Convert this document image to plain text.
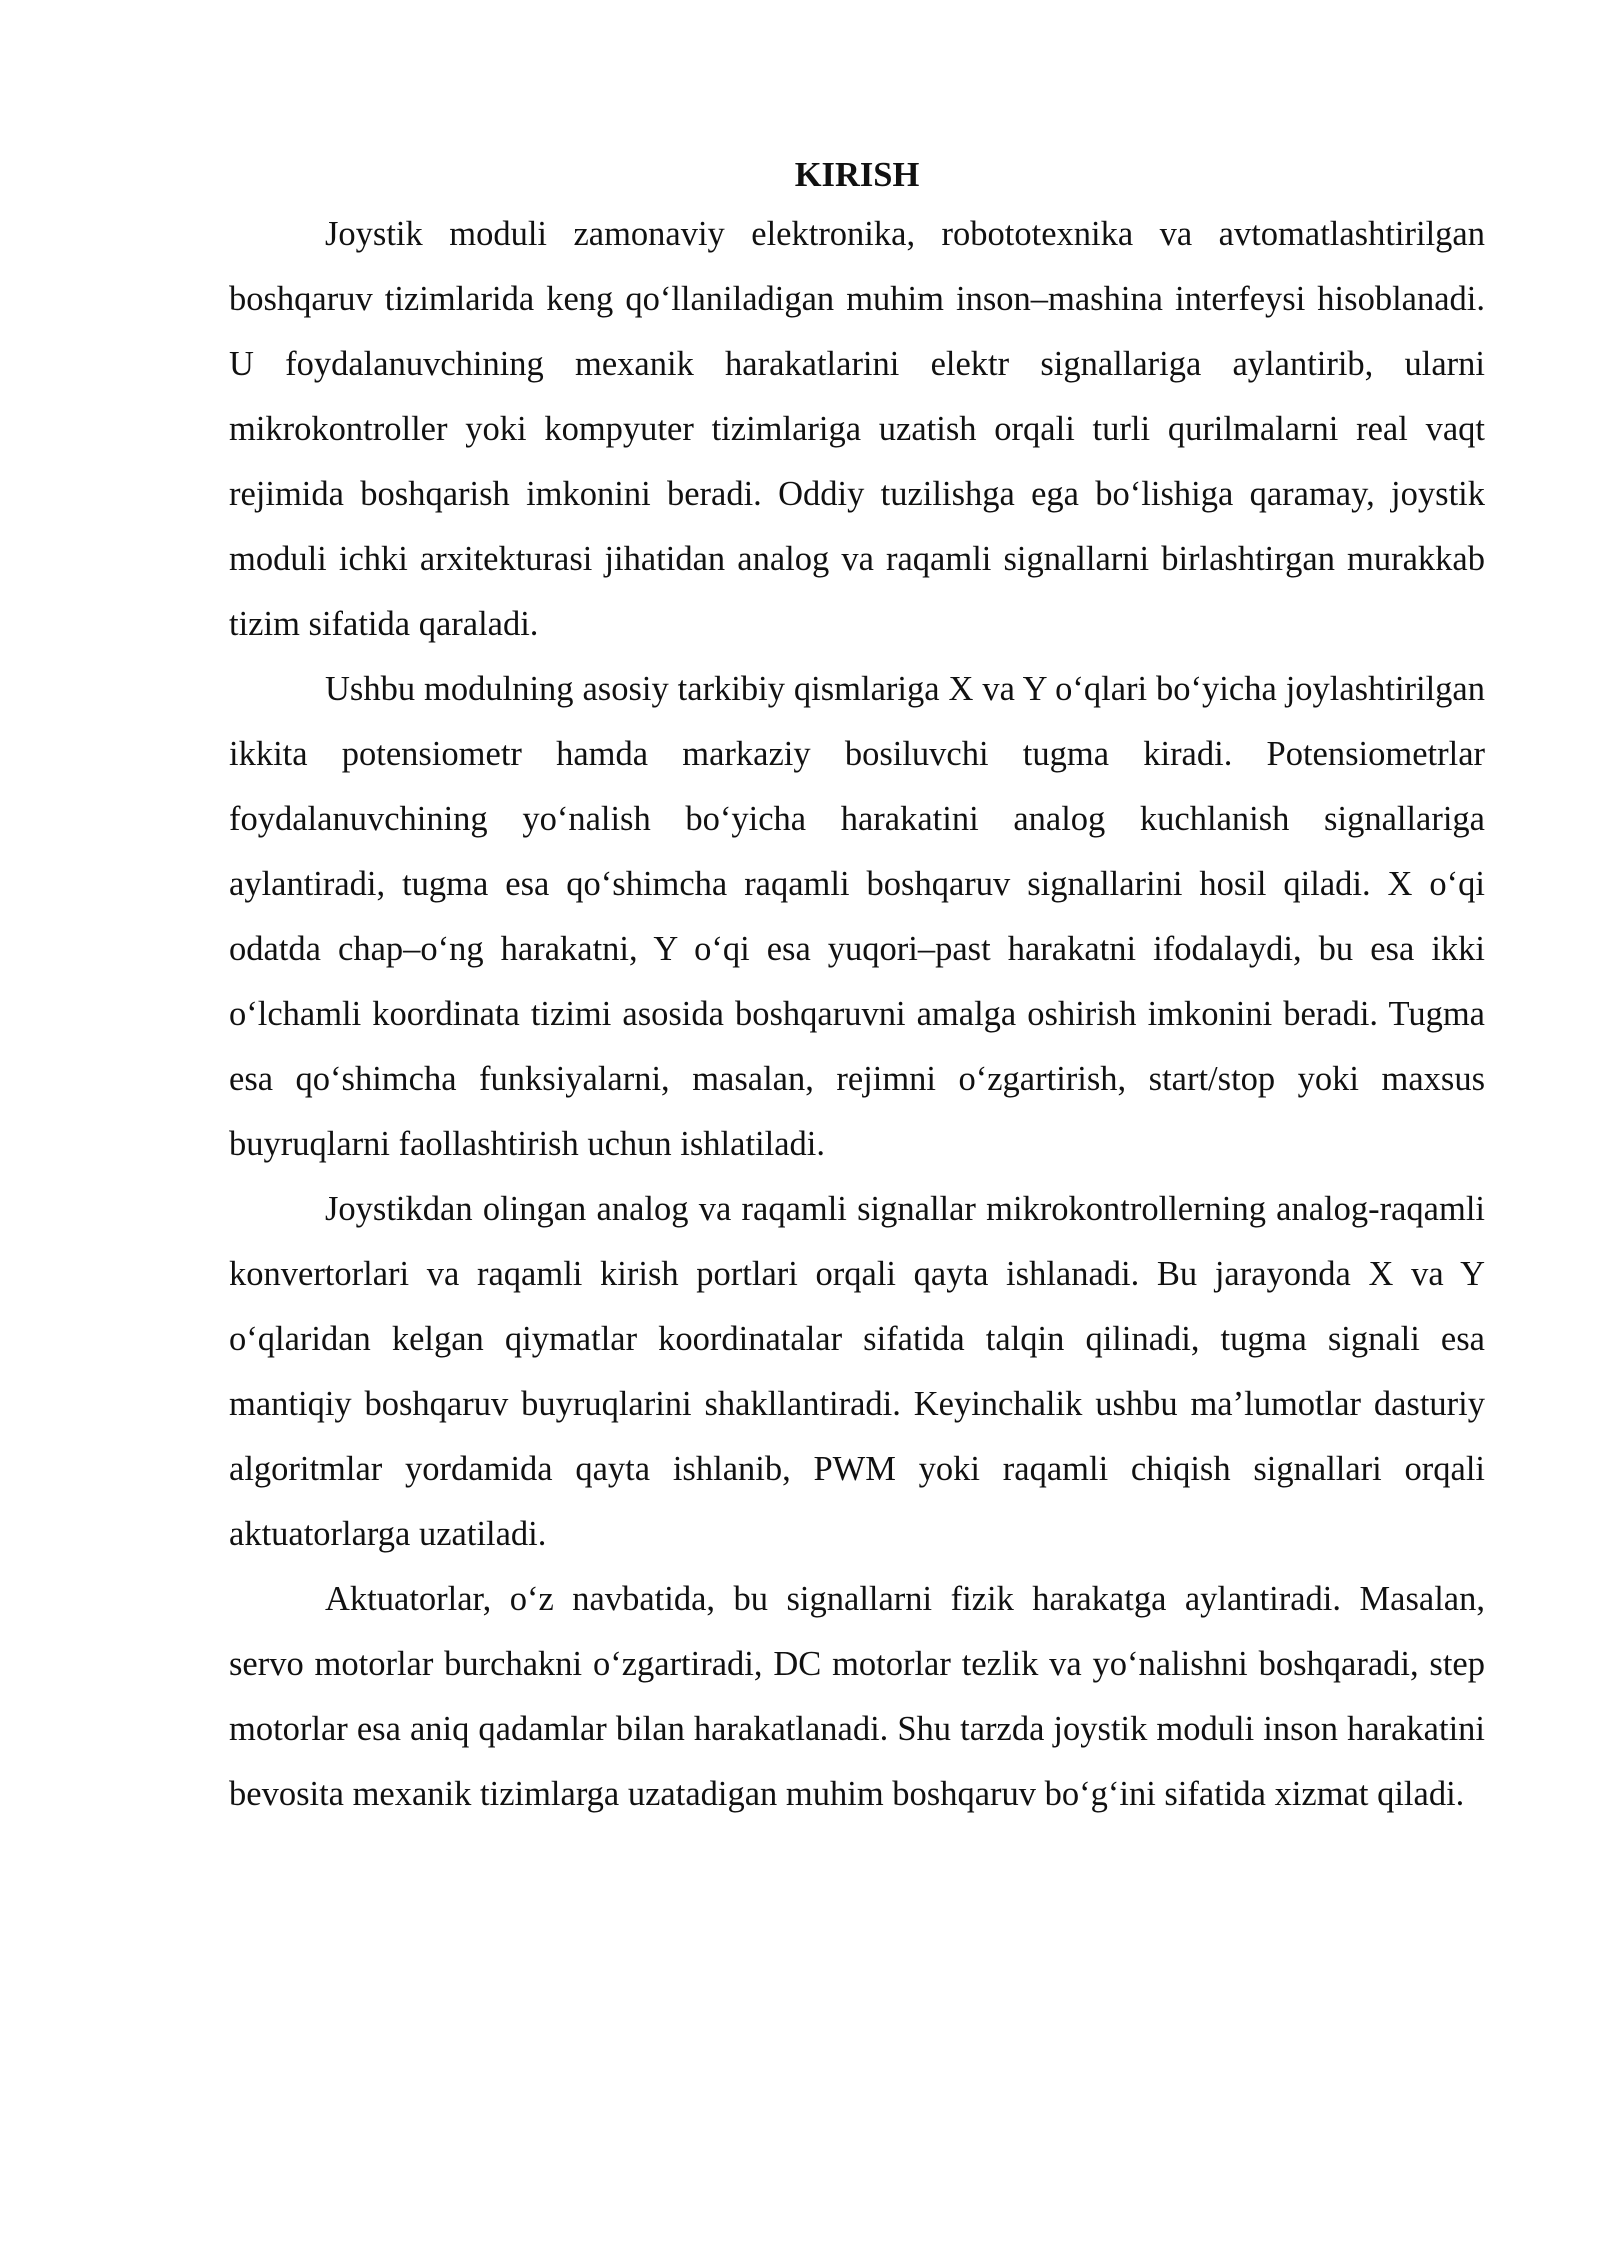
KIRISH

Joystik moduli zamonaviy elektronika, robototexnika va avtomatlashtirilgan boshqaruv tizimlarida keng qo‘llaniladigan muhim inson–mashina interfeysi hisoblanadi. U foydalanuvchining mexanik harakatlarini elektr signallariga aylantirib, ularni mikrokontroller yoki kompyuter tizimlariga uzatish orqali turli qurilmalarni real vaqt rejimida boshqarish imkonini beradi. Oddiy tuzilishga ega bo‘lishiga qaramay, joystik moduli ichki arxitekturasi jihatidan analog va raqamli signallarni birlashtirgan murakkab tizim sifatida qaraladi.

Ushbu modulning asosiy tarkibiy qismlariga X va Y o‘qlari bo‘yicha joylashtirilgan ikkita potensiometr hamda markaziy bosiluvchi tugma kiradi. Potensiometrlar foydalanuvchining yo‘nalish bo‘yicha harakatini analog kuchlanish signallariga aylantiradi, tugma esa qo‘shimcha raqamli boshqaruv signallarini hosil qiladi. X o‘qi odatda chap–o‘ng harakatni, Y o‘qi esa yuqori–past harakatni ifodalaydi, bu esa ikki o‘lchamli koordinata tizimi asosida boshqaruvni amalga oshirish imkonini beradi. Tugma esa qo‘shimcha funksiyalarni, masalan, rejimni o‘zgartirish, start/stop yoki maxsus buyruqlarni faollashtirish uchun ishlatiladi.

Joystikdan olingan analog va raqamli signallar mikrokontrollerning analog-raqamli konvertorlari va raqamli kirish portlari orqali qayta ishlanadi. Bu jarayonda X va Y o‘qlaridan kelgan qiymatlar koordinatalar sifatida talqin qilinadi, tugma signali esa mantiqiy boshqaruv buyruqlarini shakllantiradi. Keyinchalik ushbu ma’lumotlar dasturiy algoritmlar yordamida qayta ishlanib, PWM yoki raqamli chiqish signallari orqali aktuatorlarga uzatiladi.

Aktuatorlar, o‘z navbatida, bu signallarni fizik harakatga aylantiradi. Masalan, servo motorlar burchakni o‘zgartiradi, DC motorlar tezlik va yo‘nalishni boshqaradi, step motorlar esa aniq qadamlar bilan harakatlanadi. Shu tarzda joystik moduli inson harakatini bevosita mexanik tizimlarga uzatadigan muhim boshqaruv bo‘g‘ini sifatida xizmat qiladi.
